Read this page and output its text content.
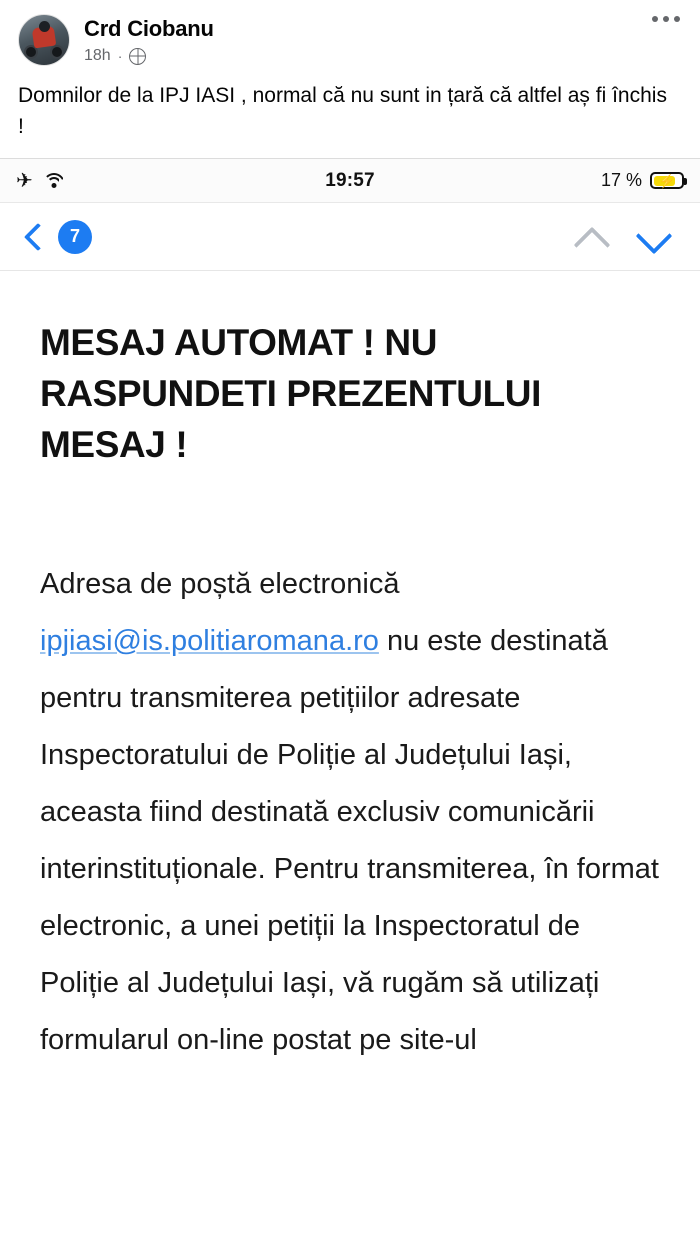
Crd Ciobanu
18h ·
Domnilor de la IPJ IASI , normal că nu sunt in țară că altfel aș fi închis !
✈	19:57	17 % ⚡
7
MESAJ AUTOMAT ! NU RASPUNDETI PREZENTULUI MESAJ !
Adresa de poștă electronică ipjiasi@is.politiaromana.ro nu este destinată pentru transmiterea petițiilor adresate Inspectoratului de Poliție al Județului Iași, aceasta fiind destinată exclusiv comunicării interinstituționale. Pentru transmiterea, în format electronic, a unei petiții la Inspectoratul de Poliție al Județului Iași, vă rugăm să utilizați formularul on-line postat pe site-ul
